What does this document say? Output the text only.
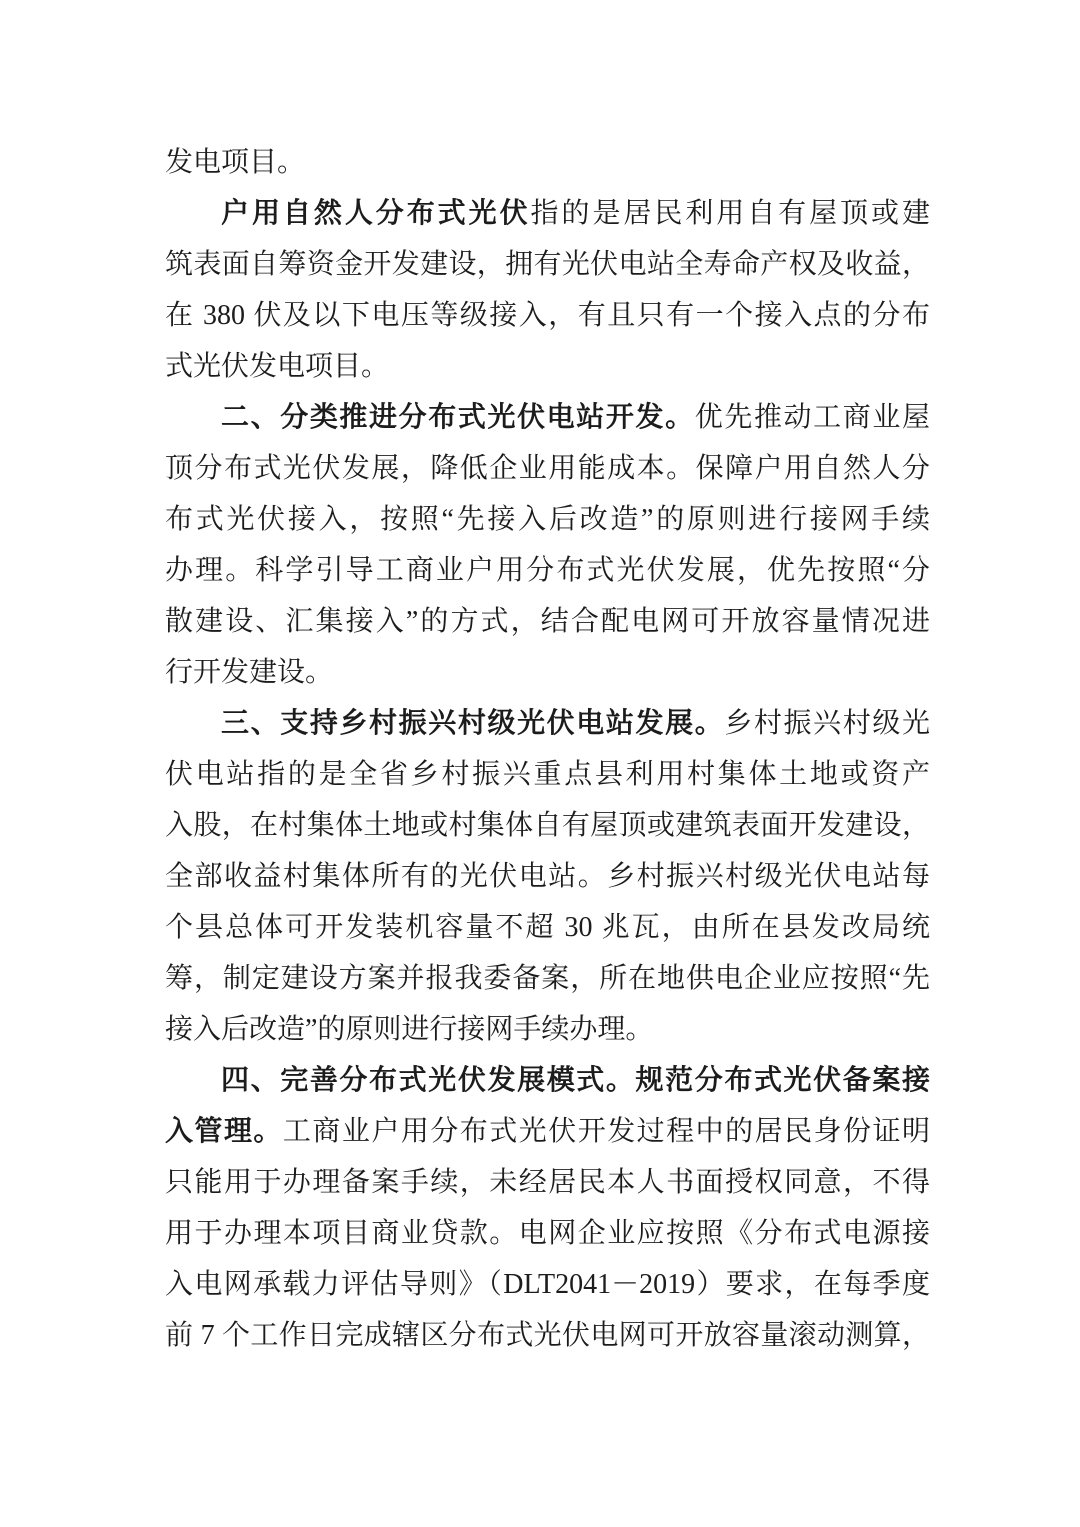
发电项目。
户用自然人分布式光伏指的是居民利用自有屋顶或建
筑表面自筹资金开发建设，拥有光伏电站全寿命产权及收益，
在 380 伏及以下电压等级接入，有且只有一个接入点的分布
式光伏发电项目。
二、分类推进分布式光伏电站开发。优先推动工商业屋
顶分布式光伏发展，降低企业用能成本。保障户用自然人分
布式光伏接入，按照“先接入后改造”的原则进行接网手续
办理。科学引导工商业户用分布式光伏发展，优先按照“分
散建设、汇集接入”的方式，结合配电网可开放容量情况进
行开发建设。
三、支持乡村振兴村级光伏电站发展。乡村振兴村级光
伏电站指的是全省乡村振兴重点县利用村集体土地或资产
入股，在村集体土地或村集体自有屋顶或建筑表面开发建设，
全部收益村集体所有的光伏电站。乡村振兴村级光伏电站每
个县总体可开发装机容量不超 30 兆瓦，由所在县发改局统
筹，制定建设方案并报我委备案，所在地供电企业应按照“先
接入后改造”的原则进行接网手续办理。
四、完善分布式光伏发展模式。规范分布式光伏备案接
入管理。工商业户用分布式光伏开发过程中的居民身份证明
只能用于办理备案手续，未经居民本人书面授权同意，不得
用于办理本项目商业贷款。电网企业应按照《分布式电源接
入电网承载力评估导则》（DLT2041－2019）要求，在每季度
前 7 个工作日完成辖区分布式光伏电网可开放容量滚动测算，
